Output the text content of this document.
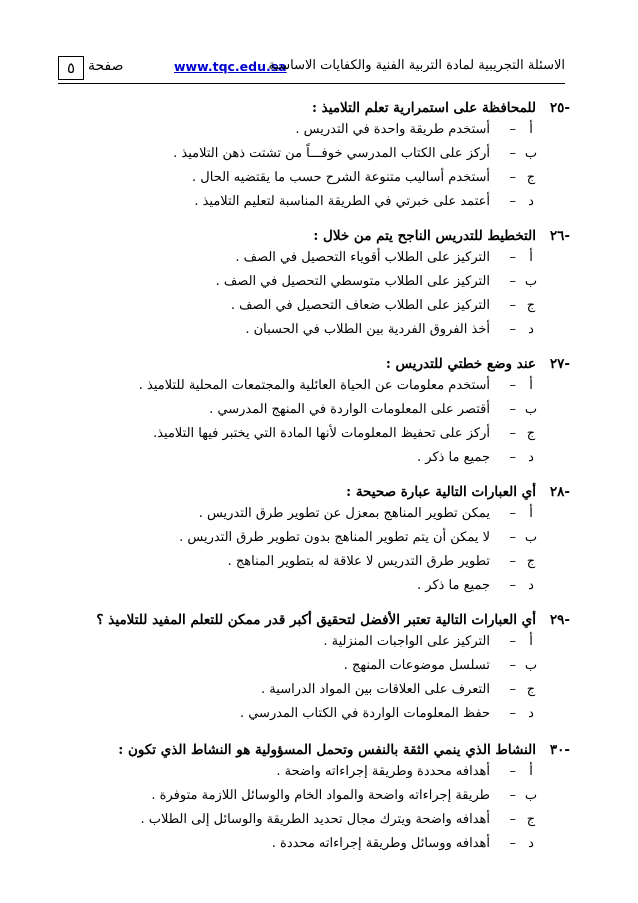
٥ صفحة	www.tqc.edu.sa
الاسئلة التجريبية لمادة التربية الفنية والكفايات الاساسية
-٢٥
للمحافظة على استمرارية تعلم التلاميذ :
أ
–
أستخدم طريقة واحدة في التدريس .
ب
–
أركز على الكتاب المدرسي خوفـــاً من تشتت ذهن التلاميذ .
ج
–
أستخدم أساليب متنوعة الشرح حسب ما يقتضيه الحال .
د
–
أعتمد على خبرتي في الطريقة المناسبة لتعليم التلاميذ .
-٢٦
التخطيط للتدريس الناجح يتم من خلال :
أ
–
التركيز على الطلاب أقوياء التحصيل في الصف .
ب
–
التركيز على الطلاب متوسطي التحصيل في الصف .
ج
–
التركيز على الطلاب ضعاف التحصيل في الصف .
د
–
أخذ الفروق الفردية بين الطلاب في الحسبان .
-٢٧
عند وضع خطتي للتدريس :
أ
–
أستخدم معلومات عن الحياة العائلية والمجتمعات المحلية للتلاميذ .
ب
–
أقتصر على المعلومات الواردة في المنهج المدرسي .
ج
–
أركز على تحفيظ المعلومات لأنها المادة التي يختبر فيها التلاميذ.
د
–
جميع ما ذكر .
-٢٨
أي العبارات التالية عبارة صحيحة :
أ
–
يمكن تطوير المناهج بمعزل عن تطوير طرق التدريس .
ب
–
لا يمكن أن يتم تطوير المناهج بدون تطوير طرق التدريس .
ج
–
تطوير طرق التدريس لا علاقة له بتطوير المناهج .
د
–
جميع ما ذكر .
-٢٩
أي العبارات التالية تعتبر الأفضل لتحقيق أكبر قدر ممكن للتعلم المفيد للتلاميذ ؟
أ
–
التركيز على الواجبات المنزلية .
ب
–
تسلسل موضوعات المنهج .
ج
–
التعرف على العلاقات بين المواد الدراسية .
د
–
حفظ المعلومات الواردة في الكتاب المدرسي .
-٣٠
النشاط الذي ينمي الثقة بالنفس وتحمل المسؤولية هو النشاط الذي تكون :
أ
–
أهدافه محددة وطريقة إجراءاته واضحة .
ب
–
طريقة إجراءاته واضحة والمواد الخام والوسائل اللازمة متوفرة .
ج
–
أهدافه واضحة ويترك مجال تحديد الطريقة والوسائل إلى الطلاب .
د
–
أهدافه ووسائل وطريقة إجراءاته محددة .
